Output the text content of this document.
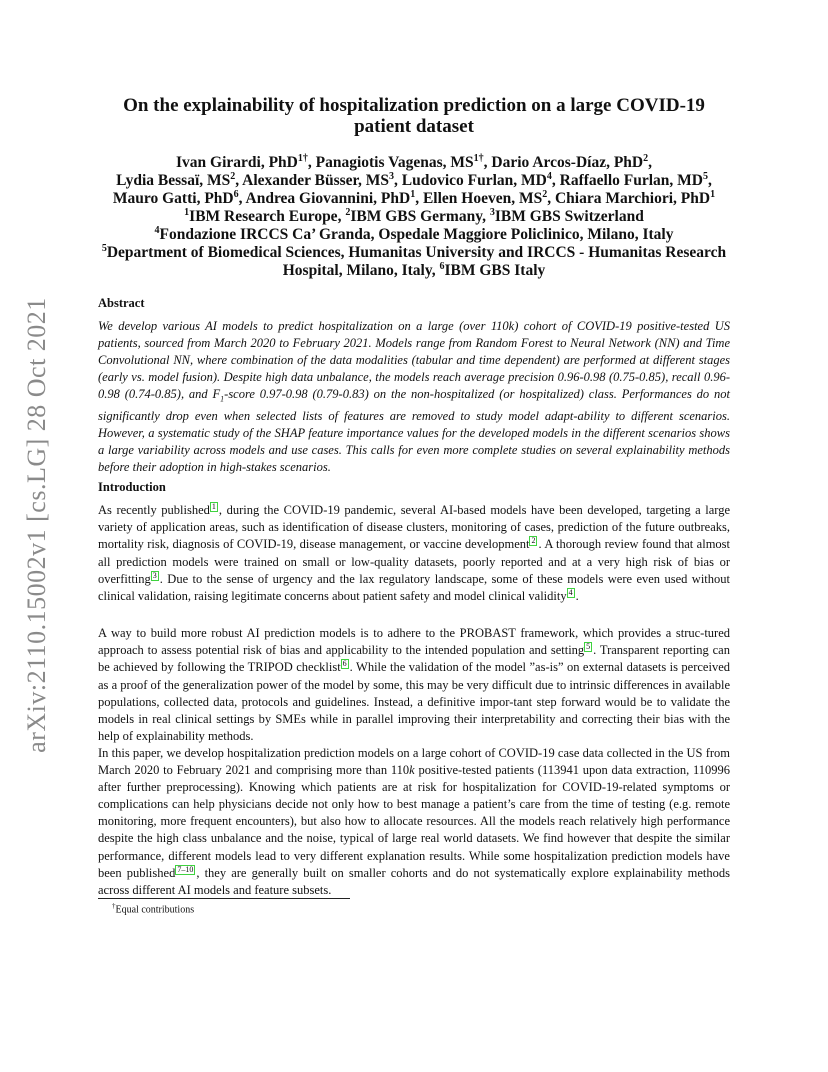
arXiv:2110.15002v1 [cs.LG] 28 Oct 2021
On the explainability of hospitalization prediction on a large COVID-19 patient dataset
Ivan Girardi, PhD$^{1\dagger}$, Panagiotis Vagenas, $MS^{1\dagger}$, Dario Arcos-Díaz, PhD$^2$,
Lydia Bessaï, $MS^2$, Alexander Büsser, $MS^3$, Ludovico Furlan, $MD^4$, Raffaello Furlan, $MD^5$,
Mauro Gatti, PhD$^6$, Andrea Giovannini, PhD$^1$, Ellen Hoeven, $MS^2$, Chiara Marchiori, PhD$^1$
$^1$IBM Research Europe, $^2$IBM GBS Germany, $^3$IBM GBS Switzerland
$^4$Fondazione IRCCS Ca’ Granda, Ospedale Maggiore Policlinico, Milano, Italy
$^5$Department of Biomedical Sciences, Humanitas University and IRCCS - Humanitas Research Hospital, Milano, Italy, $^6$IBM GBS Italy
Abstract

We develop various AI models to predict hospitalization on a large (over 110k) cohort of COVID-19 positive-tested US patients, sourced from March 2020 to February 2021. Models range from Random Forest to Neural Network (NN) and Time Convolutional NN, where combination of the data modalities (tabular and time dependent) are performed at different stages (early vs. model fusion). Despite high data unbalance, the models reach average precision 0.96-0.98 (0.75-0.85), recall 0.96-0.98 (0.74-0.85), and $F_1$-score 0.97-0.98 (0.79-0.83) on the non-hospitalized (or hospitalized) class. Performances do not significantly drop even when selected lists of features are removed to study model adapt-ability to different scenarios. However, a systematic study of the SHAP feature importance values for the developed models in the different scenarios shows a large variability across models and use cases. This calls for even more complete studies on several explainability methods before their adoption in high-stakes scenarios.

Introduction

As recently published 1 , during the COVID-19 pandemic, several AI-based models have been developed, targeting a large variety of application areas, such as identification of disease clusters, monitoring of cases, prediction of the future outbreaks, mortality risk, diagnosis of COVID-19, disease management, or vaccine development 2 . A thorough review found that almost all prediction models were trained on small or low-quality datasets, poorly reported and at a very high risk of bias or overfitting 3 . Due to the sense of urgency and the lax regulatory landscape, some of these models were even used without clinical validation, raising legitimate concerns about patient safety and model clinical validity 4 .

A way to build more robust AI prediction models is to adhere to the PROBAST framework, which provides a struc-tured approach to assess potential risk of bias and applicability to the intended population and setting 5 . Transparent reporting can be achieved by following the TRIPOD checklist 6 . While the validation of the model ”as-is” on external datasets is perceived as a proof of the generalization power of the model by some, this may be very difficult due to intrinsic differences in available populations, collected data, protocols and guidelines. Instead, a definitive impor-tant step forward would be to validate the models in real clinical settings by SMEs while in parallel improving their interpretability and correcting their bias with the help of explainability methods.

In this paper, we develop hospitalization prediction models on a large cohort of COVID-19 case data collected in the US from March 2020 to February 2021 and comprising more than 110k positive-tested patients (113941 upon data extraction, 110996 after further preprocessing). Knowing which patients are at risk for hospitalization for COVID-19-related symptoms or complications can help physicians decide not only how to best manage a patient’s care from the time of testing (e.g. remote monitoring, more frequent encounters), but also how to allocate resources. All the models reach relatively high performance despite the high class unbalance and the noise, typical of large real world datasets. We find however that despite the similar performance, different models lead to very different explanation results. While some hospitalization prediction models have been published 7–10 , they are generally built on smaller cohorts and do not systematically explore explainability methods across different AI models and feature subsets.

†Equal contributions
